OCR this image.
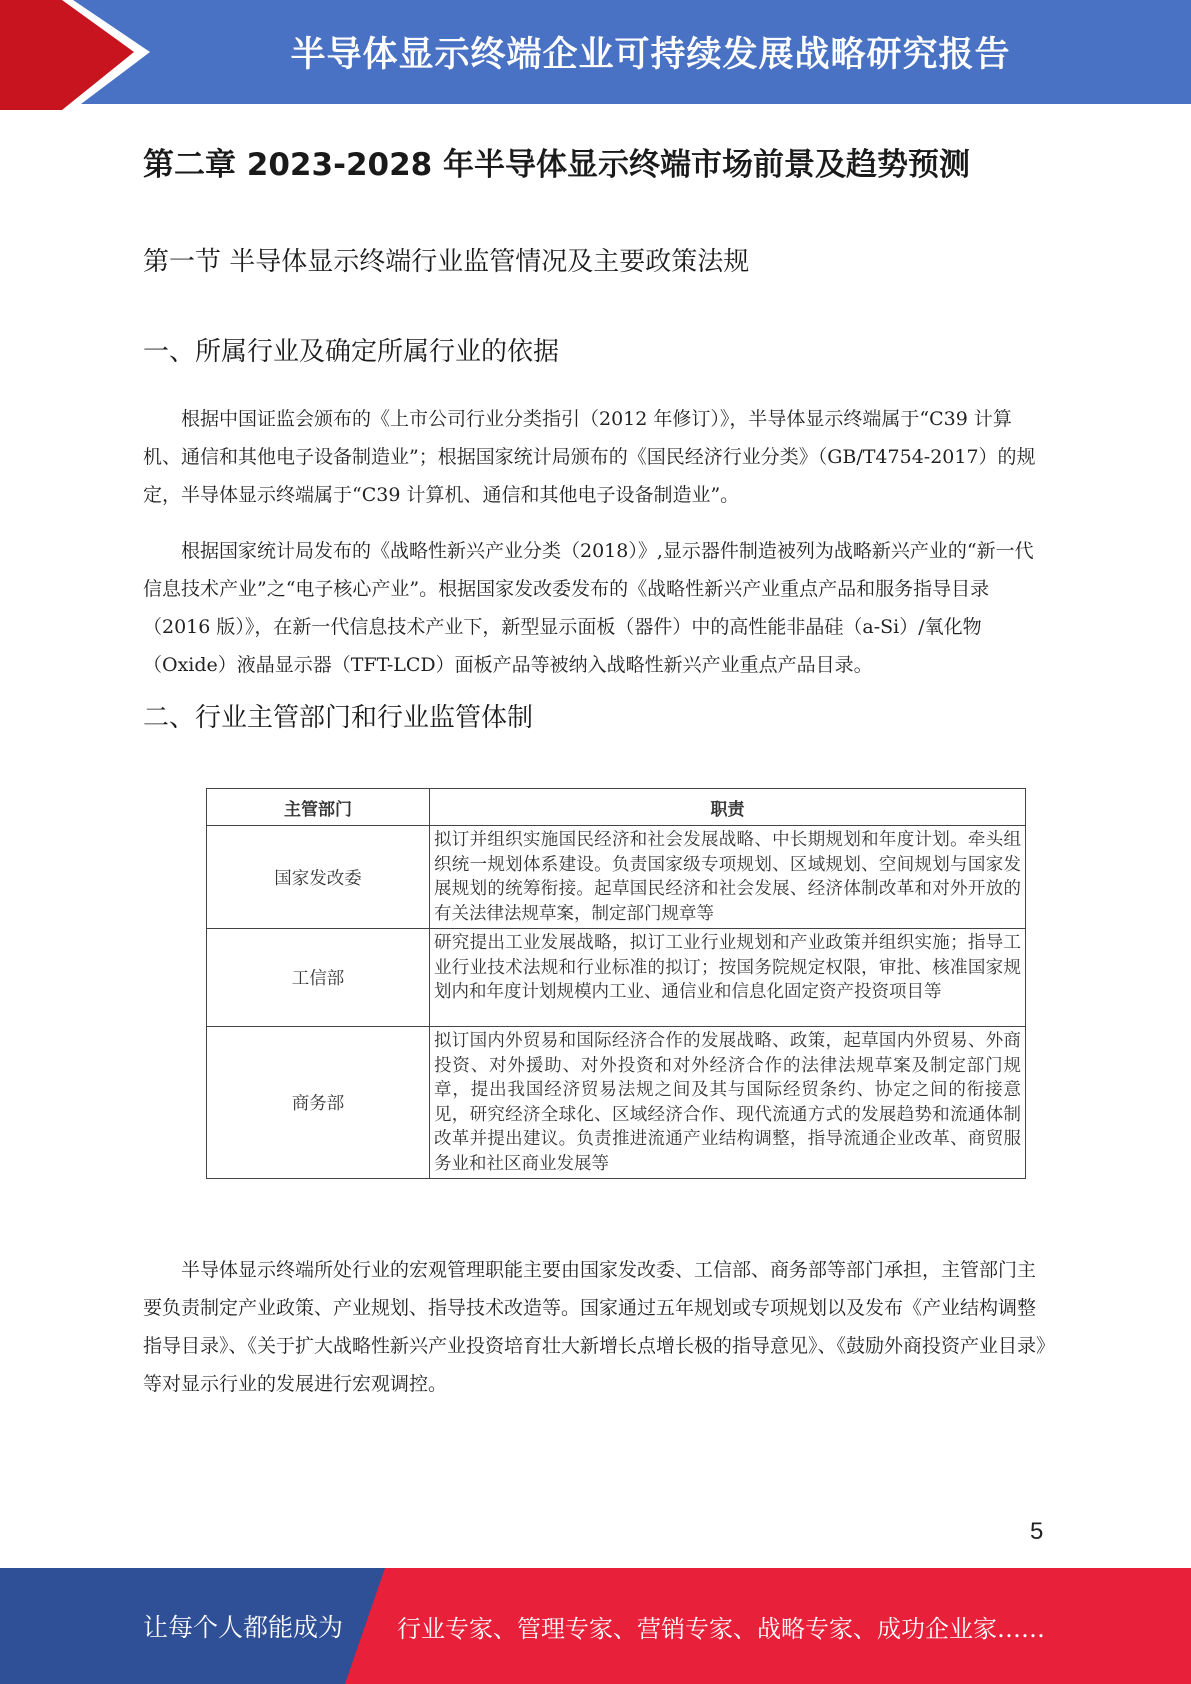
半导体显示终端企业可持续发展战略研究报告
第二章 2023-2028 年半导体显示终端市场前景及趋势预测
第一节 半导体显示终端行业监管情况及主要政策法规
一、所属行业及确定所属行业的依据

根据中国证监会颁布的《上市公司行业分类指引（2012 年修订）》，半导体显示终端属于“C39 计算机、通信和其他电子设备制造业”；根据国家统计局颁布的《国民经济行业分类》（GB/T4754-2017）的规定，半导体显示终端属于“C39 计算机、通信和其他电子设备制造业”。

根据国家统计局发布的《战略性新兴产业分类（2018）》,显示器件制造被列为战略新兴产业的“新一代信息技术产业”之“电子核心产业”。根据国家发改委发布的《战略性新兴产业重点产品和服务指导目录（2016 版）》，在新一代信息技术产业下，新型显示面板（器件）中的高性能非晶硅（a-Si）/氧化物（Oxide）液晶显示器（TFT-LCD）面板产品等被纳入战略性新兴产业重点产品目录。

二、行业主管部门和行业监管体制
主管部门	职责
国家发改委	拟订并组织实施国民经济和社会发展战略、中长期规划和年度计划。牵头组织统一规划体系建设。负责国家级专项规划、区域规划、空间规划与国家发展规划的统筹衔接。起草国民经济和社会发展、经济体制改革和对外开放的有关法律法规草案，制定部门规章等
工信部	研究提出工业发展战略，拟订工业行业规划和产业政策并组织实施；指导工业行业技术法规和行业标准的拟订；按国务院规定权限，审批、核准国家规划内和年度计划规模内工业、通信业和信息化固定资产投资项目等
商务部	拟订国内外贸易和国际经济合作的发展战略、政策，起草国内外贸易、外商投资、对外援助、对外投资和对外经济合作的法律法规草案及制定部门规章，提出我国经济贸易法规之间及其与国际经贸条约、协定之间的衔接意见，研究经济全球化、区域经济合作、现代流通方式的发展趋势和流通体制改革并提出建议。负责推进流通产业结构调整，指导流通企业改革、商贸服务业和社区商业发展等

半导体显示终端所处行业的宏观管理职能主要由国家发改委、工信部、商务部等部门承担，主管部门主要负责制定产业政策、产业规划、指导技术改造等。国家通过五年规划或专项规划以及发布《产业结构调整指导目录》、《关于扩大战略性新兴产业投资培育壮大新增长点增长极的指导意见》、《鼓励外商投资产业目录》等对显示行业的发展进行宏观调控。

5
让每个人都能成为 行业专家、管理专家、营销专家、战略专家、成功企业家……
